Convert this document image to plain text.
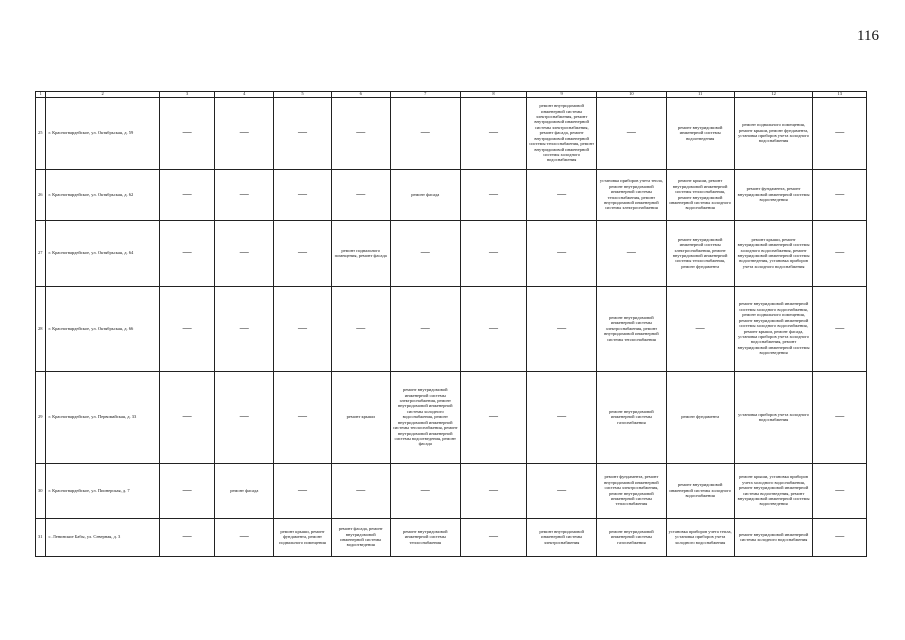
116
1	2	3	4	5	6	7	8	9	10	11	12	13
25	г. Красногвардейское, ул. Октябрьская, д. 59	—	—	—	—	—	—	ремонт внутридомовой инженерной системы электроснабжения, ремонт внутридомовой инженерной системы электроснабжения, ремонт фасада, ремонт внутридомовой инженерной системы теплоснабжения, ремонт внутридомовой инженерной системы холодного водоснабжения	—	ремонт внутридомовой инженерной системы водоотведения	ремонт подвального помещения, ремонт крыши, ремонт фундамента, установка приборов учета холодного водоснабжения	—
26	г. Красногвардейское, ул. Октябрьская, д. 62	—	—	—	—	ремонт фасада	—	—	установка приборов учета тепла, ремонт внутридомовой инженерной системы теплоснабжения, ремонт внутридомовой инженерной системы электроснабжения	ремонт крыши, ремонт внутридомовой инженерной системы теплоснабжения, ремонт внутридомовой инженерной системы холодного водоснабжения	ремонт фундамента, ремонт внутридомовой инженерной системы водоотведения	—
27	г. Красногвардейское, ул. Октябрьская, д. 64	—	—	—	ремонт подвального помещения, ремонт фасада	—	—	—	—	ремонт внутридомовой инженерной системы электроснабжения, ремонт внутридомовой инженерной системы теплоснабжения, ремонт фундамента	ремонт крыши, ремонт внутридомовой инженерной системы холодного водоснабжения, ремонт внутридомовой инженерной системы водоотведения, установка приборов учета холодного водоснабжения	—
28	г. Красногвардейское, ул. Октябрьская, д. 66	—	—	—	—	—	—	—	ремонт внутридомовой инженерной системы электроснабжения, ремонт внутридомовой инженерной системы теплоснабжения	—	ремонт внутридомовой инженерной системы холодного водоснабжения, ремонт подвального помещения, ремонт внутридомовой инженерной системы холодного водоснабжения, ремонт крыши, ремонт фасада, установка приборов учета холодного водоснабжения, ремонт внутридомовой инженерной системы водоотведения	—
29	г. Красногвардейское, ул. Первомайская, д. 33	—	—	—	ремонт крыши	ремонт внутридомовой инженерной системы электроснабжения, ремонт внутридомовой инженерной системы холодного водоснабжения, ремонт внутридомовой инженерной системы теплоснабжения, ремонт внутридомовой инженерной системы водоотведения, ремонт фасада	—	—	ремонт внутридомовой инженерной системы газоснабжения	ремонт фундамента	установка приборов учета холодного водоснабжения	—
30	г. Красногвардейское, ул. Пионерская, д. 7	—	ремонт фасада	—	—	—	—	—	ремонт фундамента, ремонт внутридомовой инженерной системы электроснабжения, ремонт внутридомовой инженерной системы теплоснабжения	ремонт внутридомовой инженерной системы холодного водоснабжения	ремонт крыши, установка приборов учета холодного водоснабжения, ремонт внутридомовой инженерной системы водоотведения, ремонт внутридомовой инженерной системы водоотведения	—
31	с. Ленинские Бабы, ул. Северная, д. 3	—	—	ремонт крыши, ремонт фундамента, ремонт подвального помещения	ремонт фасада, ремонт внутридомовой инженерной системы водоотведения	ремонт внутридомовой инженерной системы теплоснабжения	—	ремонт внутридомовой инженерной системы электроснабжения	ремонт внутридомовой инженерной системы газоснабжения	установка приборов учета тепла, установка приборов учета холодного водоснабжения	ремонт внутридомовой инженерной системы холодного водоснабжения	—
